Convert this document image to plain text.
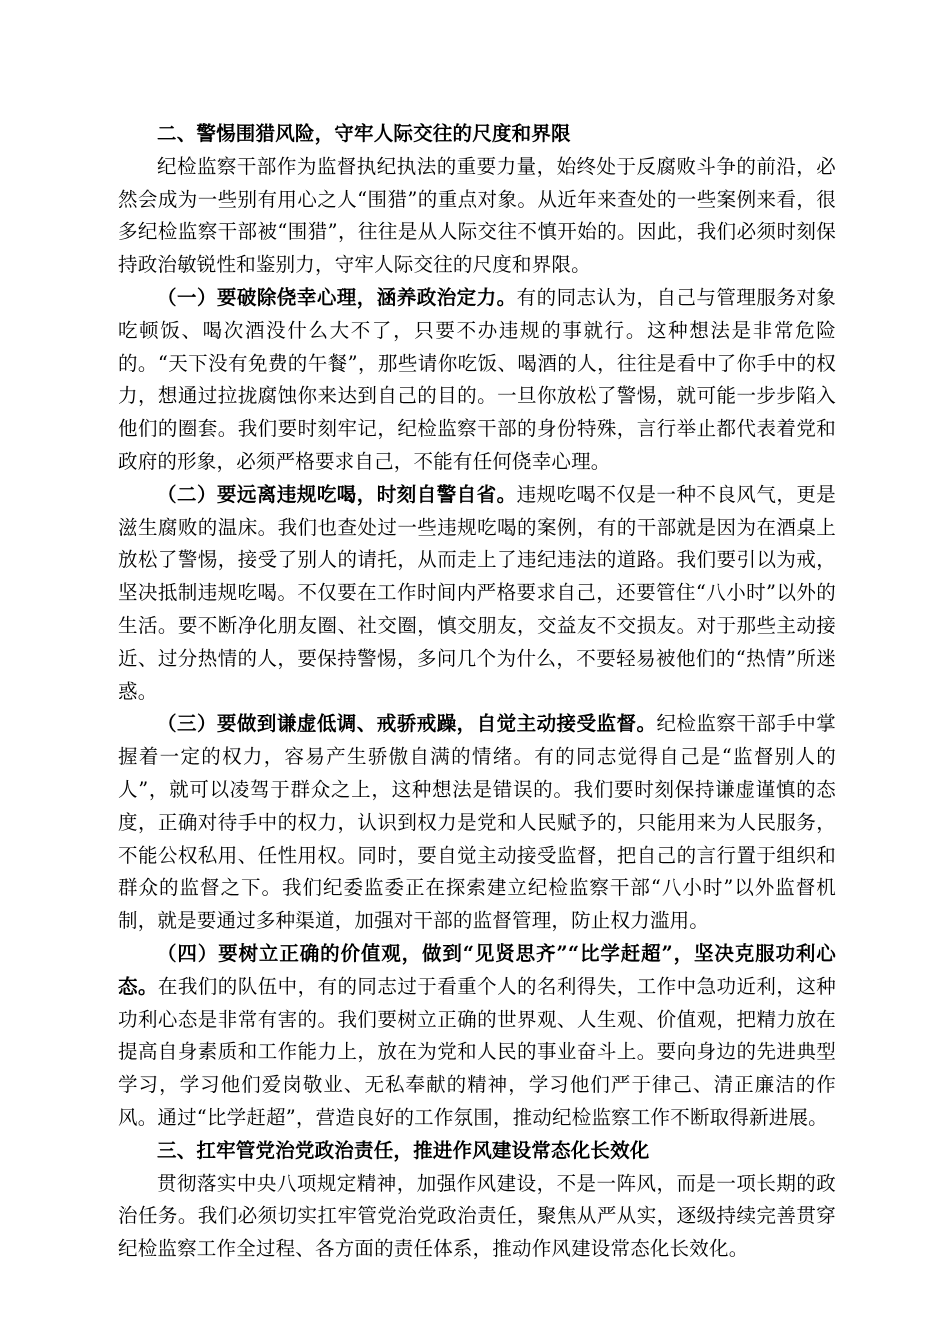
二、警惕围猎风险，守牢人际交往的尺度和界限

纪检监察干部作为监督执纪执法的重要力量，始终处于反腐败斗争的前沿，必然会成为一些别有用心之人“围猎”的重点对象。从近年来查处的一些案例来看，很多纪检监察干部被“围猎”，往往是从人际交往不慎开始的。因此，我们必须时刻保持政治敏锐性和鉴别力，守牢人际交往的尺度和界限。

（一）要破除侥幸心理，涵养政治定力。有的同志认为，自己与管理服务对象吃顿饭、喝次酒没什么大不了，只要不办违规的事就行。这种想法是非常危险的。“天下没有免费的午餐”，那些请你吃饭、喝酒的人，往往是看中了你手中的权力，想通过拉拢腐蚀你来达到自己的目的。一旦你放松了警惕，就可能一步步陷入他们的圈套。我们要时刻牢记，纪检监察干部的身份特殊，言行举止都代表着党和政府的形象，必须严格要求自己，不能有任何侥幸心理。

（二）要远离违规吃喝，时刻自警自省。违规吃喝不仅是一种不良风气，更是滋生腐败的温床。我们也查处过一些违规吃喝的案例，有的干部就是因为在酒桌上放松了警惕，接受了别人的请托，从而走上了违纪违法的道路。我们要引以为戒，坚决抵制违规吃喝。不仅要在工作时间内严格要求自己，还要管住“八小时”以外的生活。要不断净化朋友圈、社交圈，慎交朋友，交益友不交损友。对于那些主动接近、过分热情的人，要保持警惕，多问几个为什么，不要轻易被他们的“热情”所迷惑。

（三）要做到谦虚低调、戒骄戒躁，自觉主动接受监督。纪检监察干部手中掌握着一定的权力，容易产生骄傲自满的情绪。有的同志觉得自己是“监督别人的人”，就可以凌驾于群众之上，这种想法是错误的。我们要时刻保持谦虚谨慎的态度，正确对待手中的权力，认识到权力是党和人民赋予的，只能用来为人民服务，不能公权私用、任性用权。同时，要自觉主动接受监督，把自己的言行置于组织和群众的监督之下。我们纪委监委正在探索建立纪检监察干部“八小时”以外监督机制，就是要通过多种渠道，加强对干部的监督管理，防止权力滥用。

（四）要树立正确的价值观，做到“见贤思齐”“比学赶超”，坚决克服功利心态。在我们的队伍中，有的同志过于看重个人的名利得失，工作中急功近利，这种功利心态是非常有害的。我们要树立正确的世界观、人生观、价值观，把精力放在提高自身素质和工作能力上，放在为党和人民的事业奋斗上。要向身边的先进典型学习，学习他们爱岗敬业、无私奉献的精神，学习他们严于律己、清正廉洁的作风。通过“比学赶超”，营造良好的工作氛围，推动纪检监察工作不断取得新进展。

三、扛牢管党治党政治责任，推进作风建设常态化长效化

贯彻落实中央八项规定精神，加强作风建设，不是一阵风，而是一项长期的政治任务。我们必须切实扛牢管党治党政治责任，聚焦从严从实，逐级持续完善贯穿纪检监察工作全过程、各方面的责任体系，推动作风建设常态化长效化。
